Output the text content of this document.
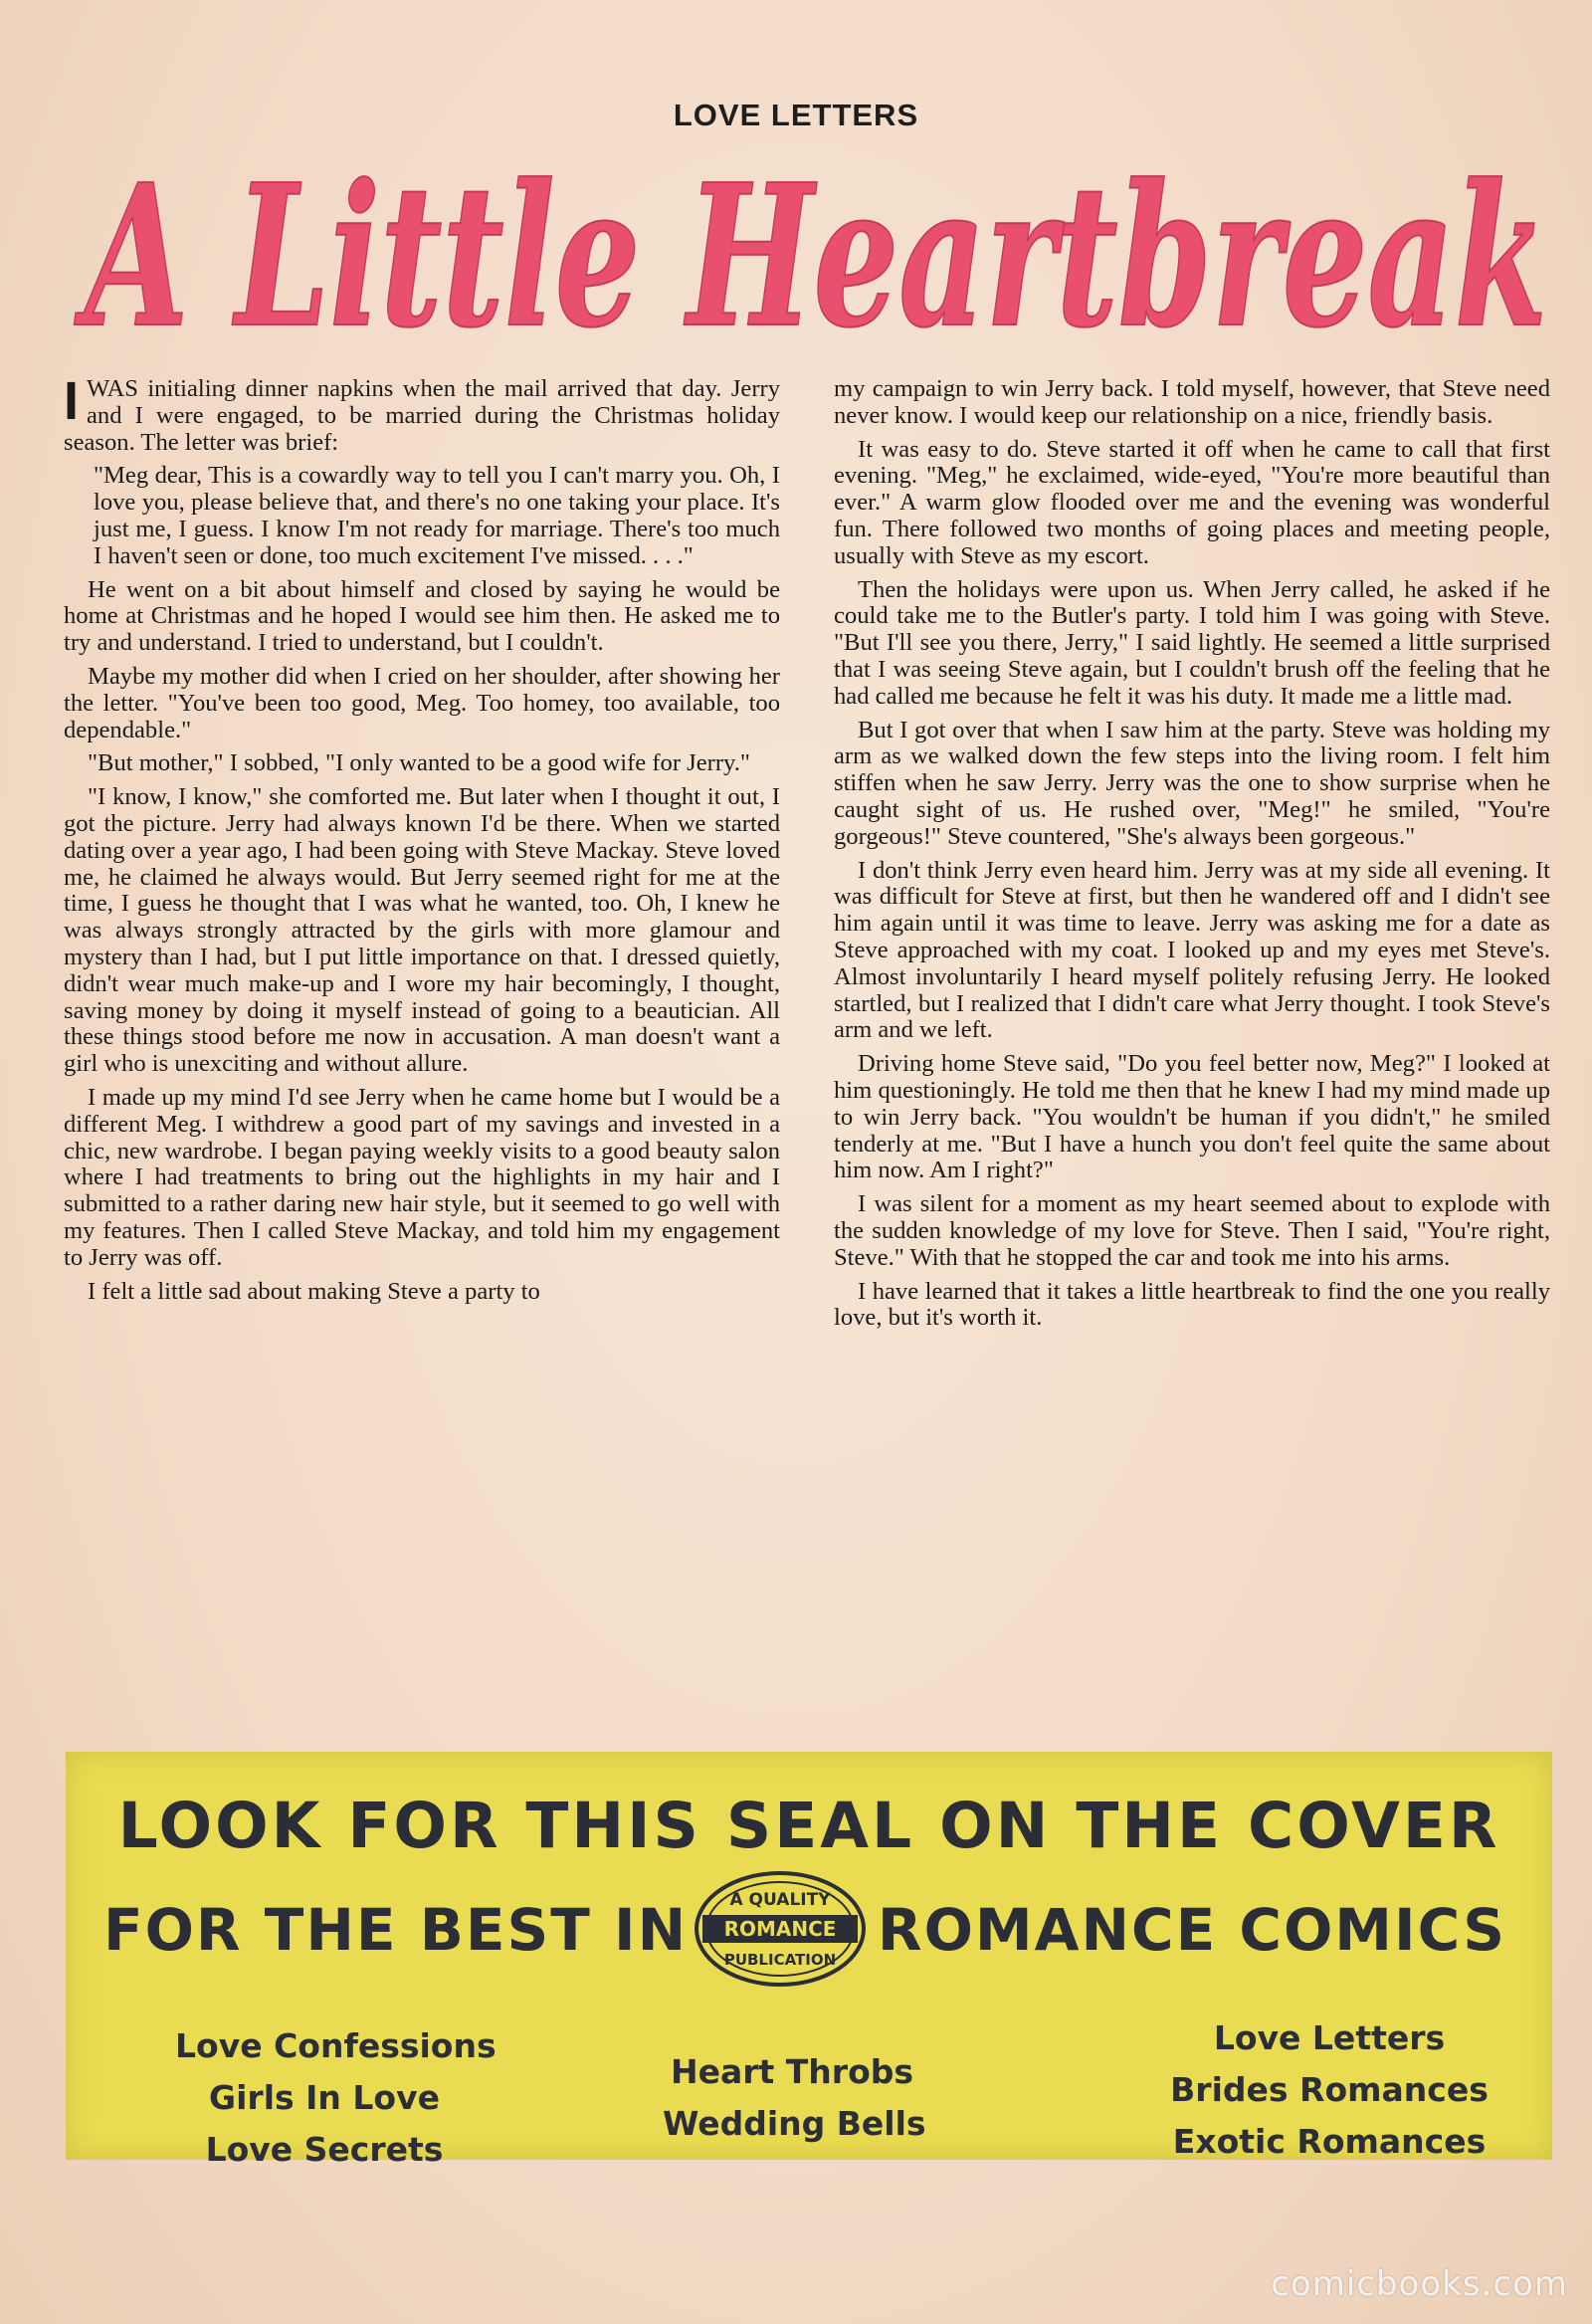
LOVE LETTERS
A Little Heartbreak

I WAS initialing dinner napkins when the mail arrived that day. Jerry and I were engaged, to be married during the Christmas holiday season. The letter was brief:

"Meg dear, This is a cowardly way to tell you I can't marry you. Oh, I love you, please believe that, and there's no one taking your place. It's just me, I guess. I know I'm not ready for marriage. There's too much I haven't seen or done, too much excitement I've missed. . . ."

He went on a bit about himself and closed by saying he would be home at Christmas and he hoped I would see him then. He asked me to try and understand. I tried to understand, but I couldn't.

Maybe my mother did when I cried on her shoulder, after showing her the letter. "You've been too good, Meg. Too homey, too available, too dependable."

"But mother," I sobbed, "I only wanted to be a good wife for Jerry."

"I know, I know," she comforted me. But later when I thought it out, I got the picture. Jerry had always known I'd be there. When we started dating over a year ago, I had been going with Steve Mackay. Steve loved me, he claimed he always would. But Jerry seemed right for me at the time, I guess he thought that I was what he wanted, too. Oh, I knew he was always strongly attracted by the girls with more glamour and mystery than I had, but I put little importance on that. I dressed quietly, didn't wear much make-up and I wore my hair becomingly, I thought, saving money by doing it myself instead of going to a beautician. All these things stood before me now in accusation. A man doesn't want a girl who is unexciting and without allure.

I made up my mind I'd see Jerry when he came home but I would be a different Meg. I withdrew a good part of my savings and invested in a chic, new wardrobe. I began paying weekly visits to a good beauty salon where I had treatments to bring out the highlights in my hair and I submitted to a rather daring new hair style, but it seemed to go well with my features. Then I called Steve Mackay, and told him my engagement to Jerry was off.

I felt a little sad about making Steve a party to

my campaign to win Jerry back. I told myself, however, that Steve need never know. I would keep our relationship on a nice, friendly basis.

It was easy to do. Steve started it off when he came to call that first evening. "Meg," he exclaimed, wide-eyed, "You're more beautiful than ever." A warm glow flooded over me and the evening was wonderful fun. There followed two months of going places and meeting people, usually with Steve as my escort.

Then the holidays were upon us. When Jerry called, he asked if he could take me to the Butler's party. I told him I was going with Steve. "But I'll see you there, Jerry," I said lightly. He seemed a little surprised that I was seeing Steve again, but I couldn't brush off the feeling that he had called me because he felt it was his duty. It made me a little mad.

But I got over that when I saw him at the party. Steve was holding my arm as we walked down the few steps into the living room. I felt him stiffen when he saw Jerry. Jerry was the one to show surprise when he caught sight of us. He rushed over, "Meg!" he smiled, "You're gorgeous!" Steve countered, "She's always been gorgeous."

I don't think Jerry even heard him. Jerry was at my side all evening. It was difficult for Steve at first, but then he wandered off and I didn't see him again until it was time to leave. Jerry was asking me for a date as Steve approached with my coat. I looked up and my eyes met Steve's. Almost involuntarily I heard myself politely refusing Jerry. He looked startled, but I realized that I didn't care what Jerry thought. I took Steve's arm and we left.

Driving home Steve said, "Do you feel better now, Meg?" I looked at him questioningly. He told me then that he knew I had my mind made up to win Jerry back. "You wouldn't be human if you didn't," he smiled tenderly at me. "But I have a hunch you don't feel quite the same about him now. Am I right?"

I was silent for a moment as my heart seemed about to explode with the sudden knowledge of my love for Steve. Then I said, "You're right, Steve." With that he stopped the car and took me into his arms.

I have learned that it takes a little heartbreak to find the one you really love, but it's worth it.

LOOK FOR THIS SEAL ON THE COVER
FOR THE BEST IN A QUALITY
ROMANCE
PUBLICATION ROMANCE COMICS
Love Confessions
Girls In Love
Love Secrets
Heart Throbs
Wedding Bells
Love Letters
Brides Romances
Exotic Romances
comicbooks.com
